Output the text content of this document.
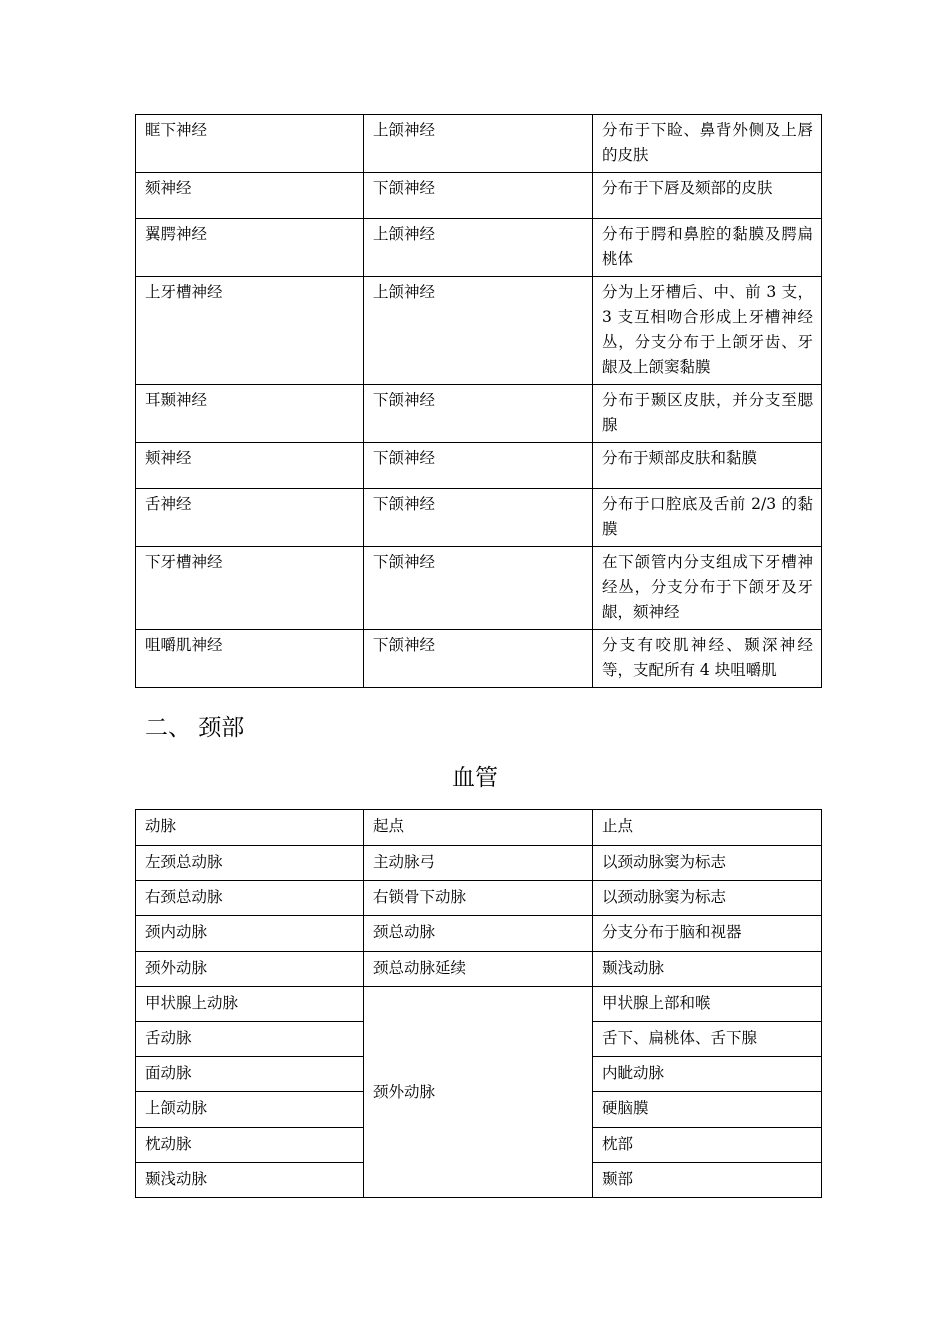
眶下神经	上颌神经	分布于下睑、鼻背外侧及上唇的皮肤
颏神经	下颌神经	分布于下唇及颏部的皮肤
翼腭神经	上颌神经	分布于腭和鼻腔的黏膜及腭扁桃体
上牙槽神经	上颌神经	分为上牙槽后、中、前 3 支，3 支互相吻合形成上牙槽神经丛，分支分布于上颌牙齿、牙龈及上颌窦黏膜
耳颞神经	下颌神经	分布于颞区皮肤，并分支至腮腺
颊神经	下颌神经	分布于颊部皮肤和黏膜
舌神经	下颌神经	分布于口腔底及舌前 2/3 的黏膜
下牙槽神经	下颌神经	在下颌管内分支组成下牙槽神经丛，分支分布于下颌牙及牙龈，颏神经
咀嚼肌神经	下颌神经	分支有咬肌神经、颞深神经等，支配所有 4 块咀嚼肌
二、 颈部
血管
动脉	起点	止点
左颈总动脉	主动脉弓	以颈动脉窦为标志
右颈总动脉	右锁骨下动脉	以颈动脉窦为标志
颈内动脉	颈总动脉	分支分布于脑和视器
颈外动脉	颈总动脉延续	颞浅动脉
甲状腺上动脉	颈外动脉	甲状腺上部和喉
舌动脉		舌下、扁桃体、舌下腺
面动脉		内眦动脉
上颌动脉		硬脑膜
枕动脉		枕部
颞浅动脉		颞部
